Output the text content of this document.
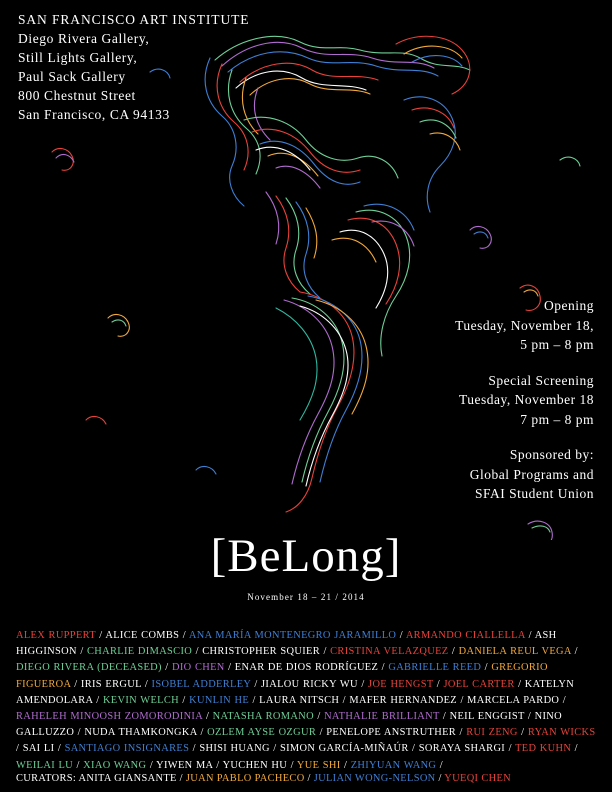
SAN FRANCISCO ART INSTITUTE
Diego Rivera Gallery,
Still Lights Gallery,
Paul Sack Gallery
800 Chestnut Street
San Francisco, CA 94133
Opening
Tuesday, November 18,
5 pm – 8 pm
Special Screening
Tuesday, November 18
7 pm – 8 pm
Sponsored by:
Global Programs and
SFAI Student Union
[BeLong]
November 18 – 21 / 2014
ALEX RUPPERT / ALICE COMBS / ANA MARÍA MONTENEGRO JARAMILLO / ARMANDO CIALLELLA / ASH HIGGINSON / CHARLIE DIMASCIO / CHRISTOPHER SQUIER / CRISTINA VELAZQUEZ / DANIELA REUL VEGA / DIEGO RIVERA (DECEASED) / DIO CHEN / ENAR DE DIOS RODRÍGUEZ / GABRIELLE REED / GREGORIO FIGUEROA / IRIS ERGUL / ISOBEL ADDERLEY / JIALOU RICKY WU / JOE HENGST / JOEL CARTER / KATELYN AMENDOLARA / KEVIN WELCH / KUNLIN HE / LAURA NITSCH / MAFER HERNANDEZ / MARCELA PARDO / RAHELEH MINOOSH ZOMORODINIA / NATASHA ROMANO / NATHALIE BRILLIANT / NEIL ENGGIST / NINO GALLUZZO / NUDA THAMKONGKA / OZLEM AYSE OZGUR / PENELOPE ANSTRUTHER / RUI ZENG / RYAN WICKS / SAI LI / SANTIAGO INSIGNARES / SHISI HUANG / SIMON GARCÍA-MIÑAÚR / SORAYA SHARGI / TED KUHN / WEILAI LU / XIAO WANG / YIWEN MA / YUCHEN HU / YUE SHI / ZHIYUAN WANG /
CURATORS: ANITA GIANSANTE / JUAN PABLO PACHECO / JULIAN WONG-NELSON / YUEQI CHEN
